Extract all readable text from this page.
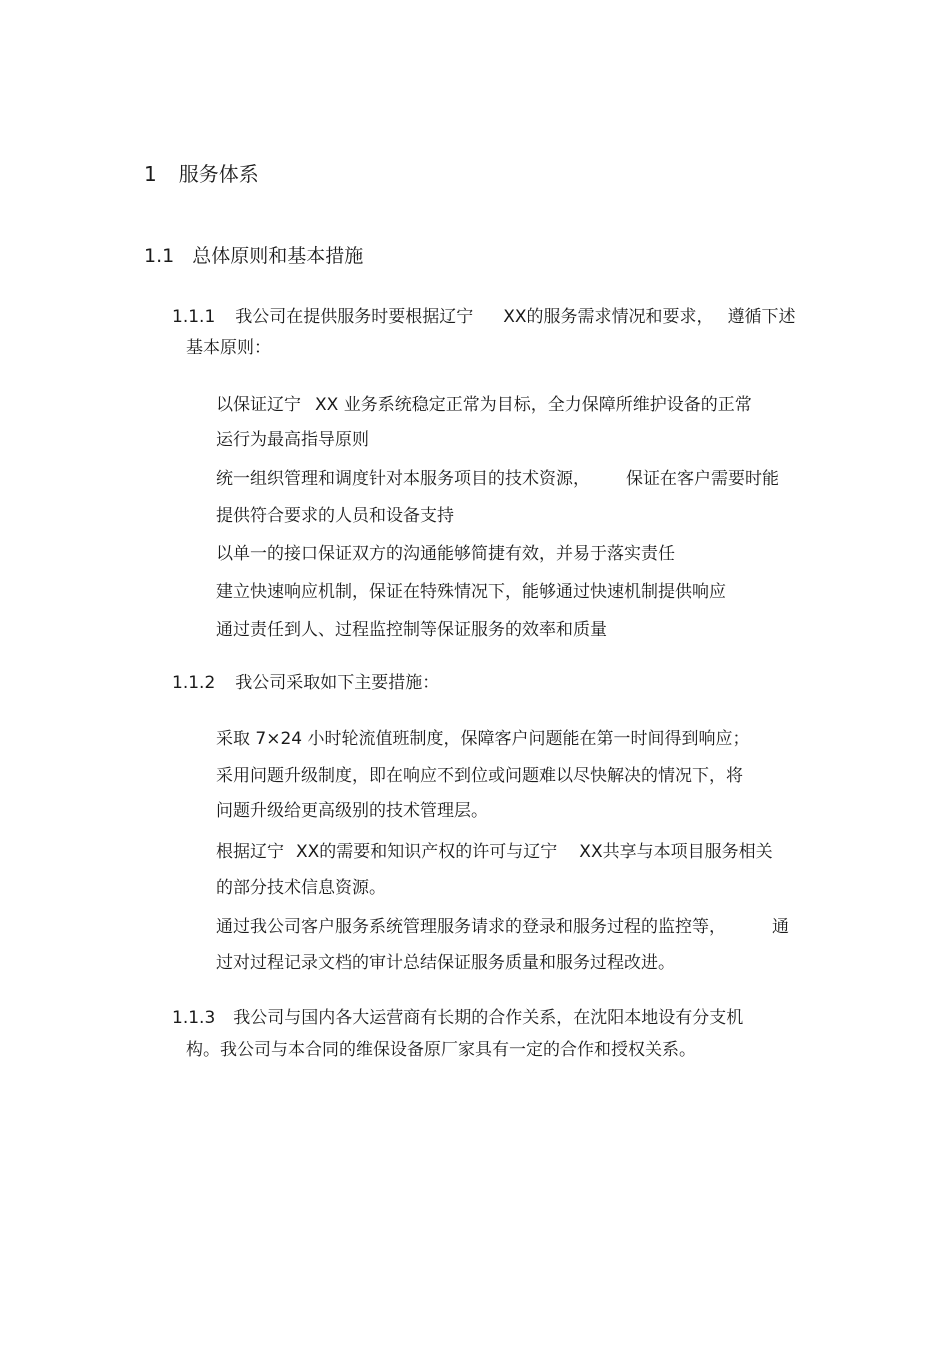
1 服务体系
1.1 总体原则和基本措施
1.1.1 我公司在提供服务时要根据辽宁 XX的服务需求情况和要求， 遵循下述
基本原则：
以保证辽宁 XX 业务系统稳定正常为目标，全力保障所维护设备的正常
运行为最高指导原则
统一组织管理和调度针对本服务项目的技术资源， 保证在客户需要时能
提供符合要求的人员和设备支持
以单一的接口保证双方的沟通能够简捷有效，并易于落实责任
建立快速响应机制，保证在特殊情况下，能够通过快速机制提供响应
通过责任到人、过程监控制等保证服务的效率和质量
1.1.2 我公司采取如下主要措施：
采取 7×24 小时轮流值班制度，保障客户问题能在第一时间得到响应；
采用问题升级制度，即在响应不到位或问题难以尽快解决的情况下，将
问题升级给更高级别的技术管理层。
根据辽宁 XX的需要和知识产权的许可与辽宁 XX共享与本项目服务相关
的部分技术信息资源。
通过我公司客户服务系统管理服务请求的登录和服务过程的监控等，	通
过对过程记录文档的审计总结保证服务质量和服务过程改进。
1.1.3 我公司与国内各大运营商有长期的合作关系，在沈阳本地设有分支机
构。我公司与本合同的维保设备原厂家具有一定的合作和授权关系。
